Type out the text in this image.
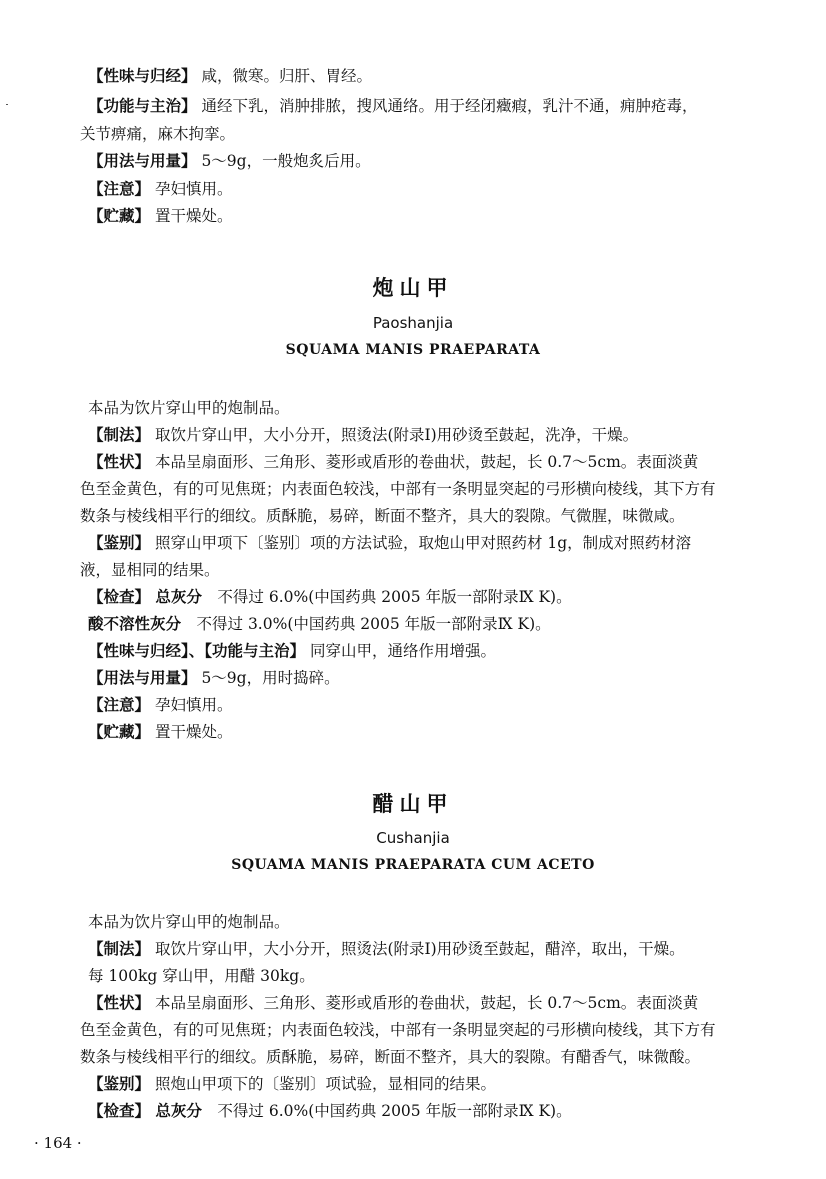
【性味与归经】 咸，微寒。归肝、胃经。
【功能与主治】 通经下乳，消肿排脓，搜风通络。用于经闭癥瘕，乳汁不通，痈肿疮毒，
关节痹痛，麻木拘挛。
【用法与用量】 5～9g，一般炮炙后用。
【注意】 孕妇慎用。
【贮藏】 置干燥处。
炮山甲
Paoshanjia
SQUAMA MANIS PRAEPARATA
本品为饮片穿山甲的炮制品。
【制法】 取饮片穿山甲，大小分开，照烫法(附录Ⅰ)用砂烫至鼓起，洗净，干燥。
【性状】 本品呈扇面形、三角形、菱形或盾形的卷曲状，鼓起，长 0.7～5cm。表面淡黄
色至金黄色，有的可见焦斑；内表面色较浅，中部有一条明显突起的弓形横向棱线，其下方有
数条与棱线相平行的细纹。质酥脆，易碎，断面不整齐，具大的裂隙。气微腥，味微咸。
【鉴别】 照穿山甲项下〔鉴别〕项的方法试验，取炮山甲对照药材 1g，制成对照药材溶
液，显相同的结果。
【检查】 总灰分　不得过 6.0%(中国药典 2005 年版一部附录Ⅸ K)。
酸不溶性灰分　不得过 3.0%(中国药典 2005 年版一部附录Ⅸ K)。
【性味与归经】、【功能与主治】 同穿山甲，通络作用增强。
【用法与用量】 5～9g，用时捣碎。
【注意】 孕妇慎用。
【贮藏】 置干燥处。
醋山甲
Cushanjia
SQUAMA MANIS PRAEPARATA CUM ACETO
本品为饮片穿山甲的炮制品。
【制法】 取饮片穿山甲，大小分开，照烫法(附录Ⅰ)用砂烫至鼓起，醋淬，取出，干燥。
每 100kg 穿山甲，用醋 30kg。
【性状】 本品呈扇面形、三角形、菱形或盾形的卷曲状，鼓起，长 0.7～5cm。表面淡黄
色至金黄色，有的可见焦斑；内表面色较浅，中部有一条明显突起的弓形横向棱线，其下方有
数条与棱线相平行的细纹。质酥脆，易碎，断面不整齐，具大的裂隙。有醋香气，味微酸。
【鉴别】 照炮山甲项下的〔鉴别〕项试验，显相同的结果。
【检查】 总灰分　不得过 6.0%(中国药典 2005 年版一部附录Ⅸ K)。
· 164 ·
